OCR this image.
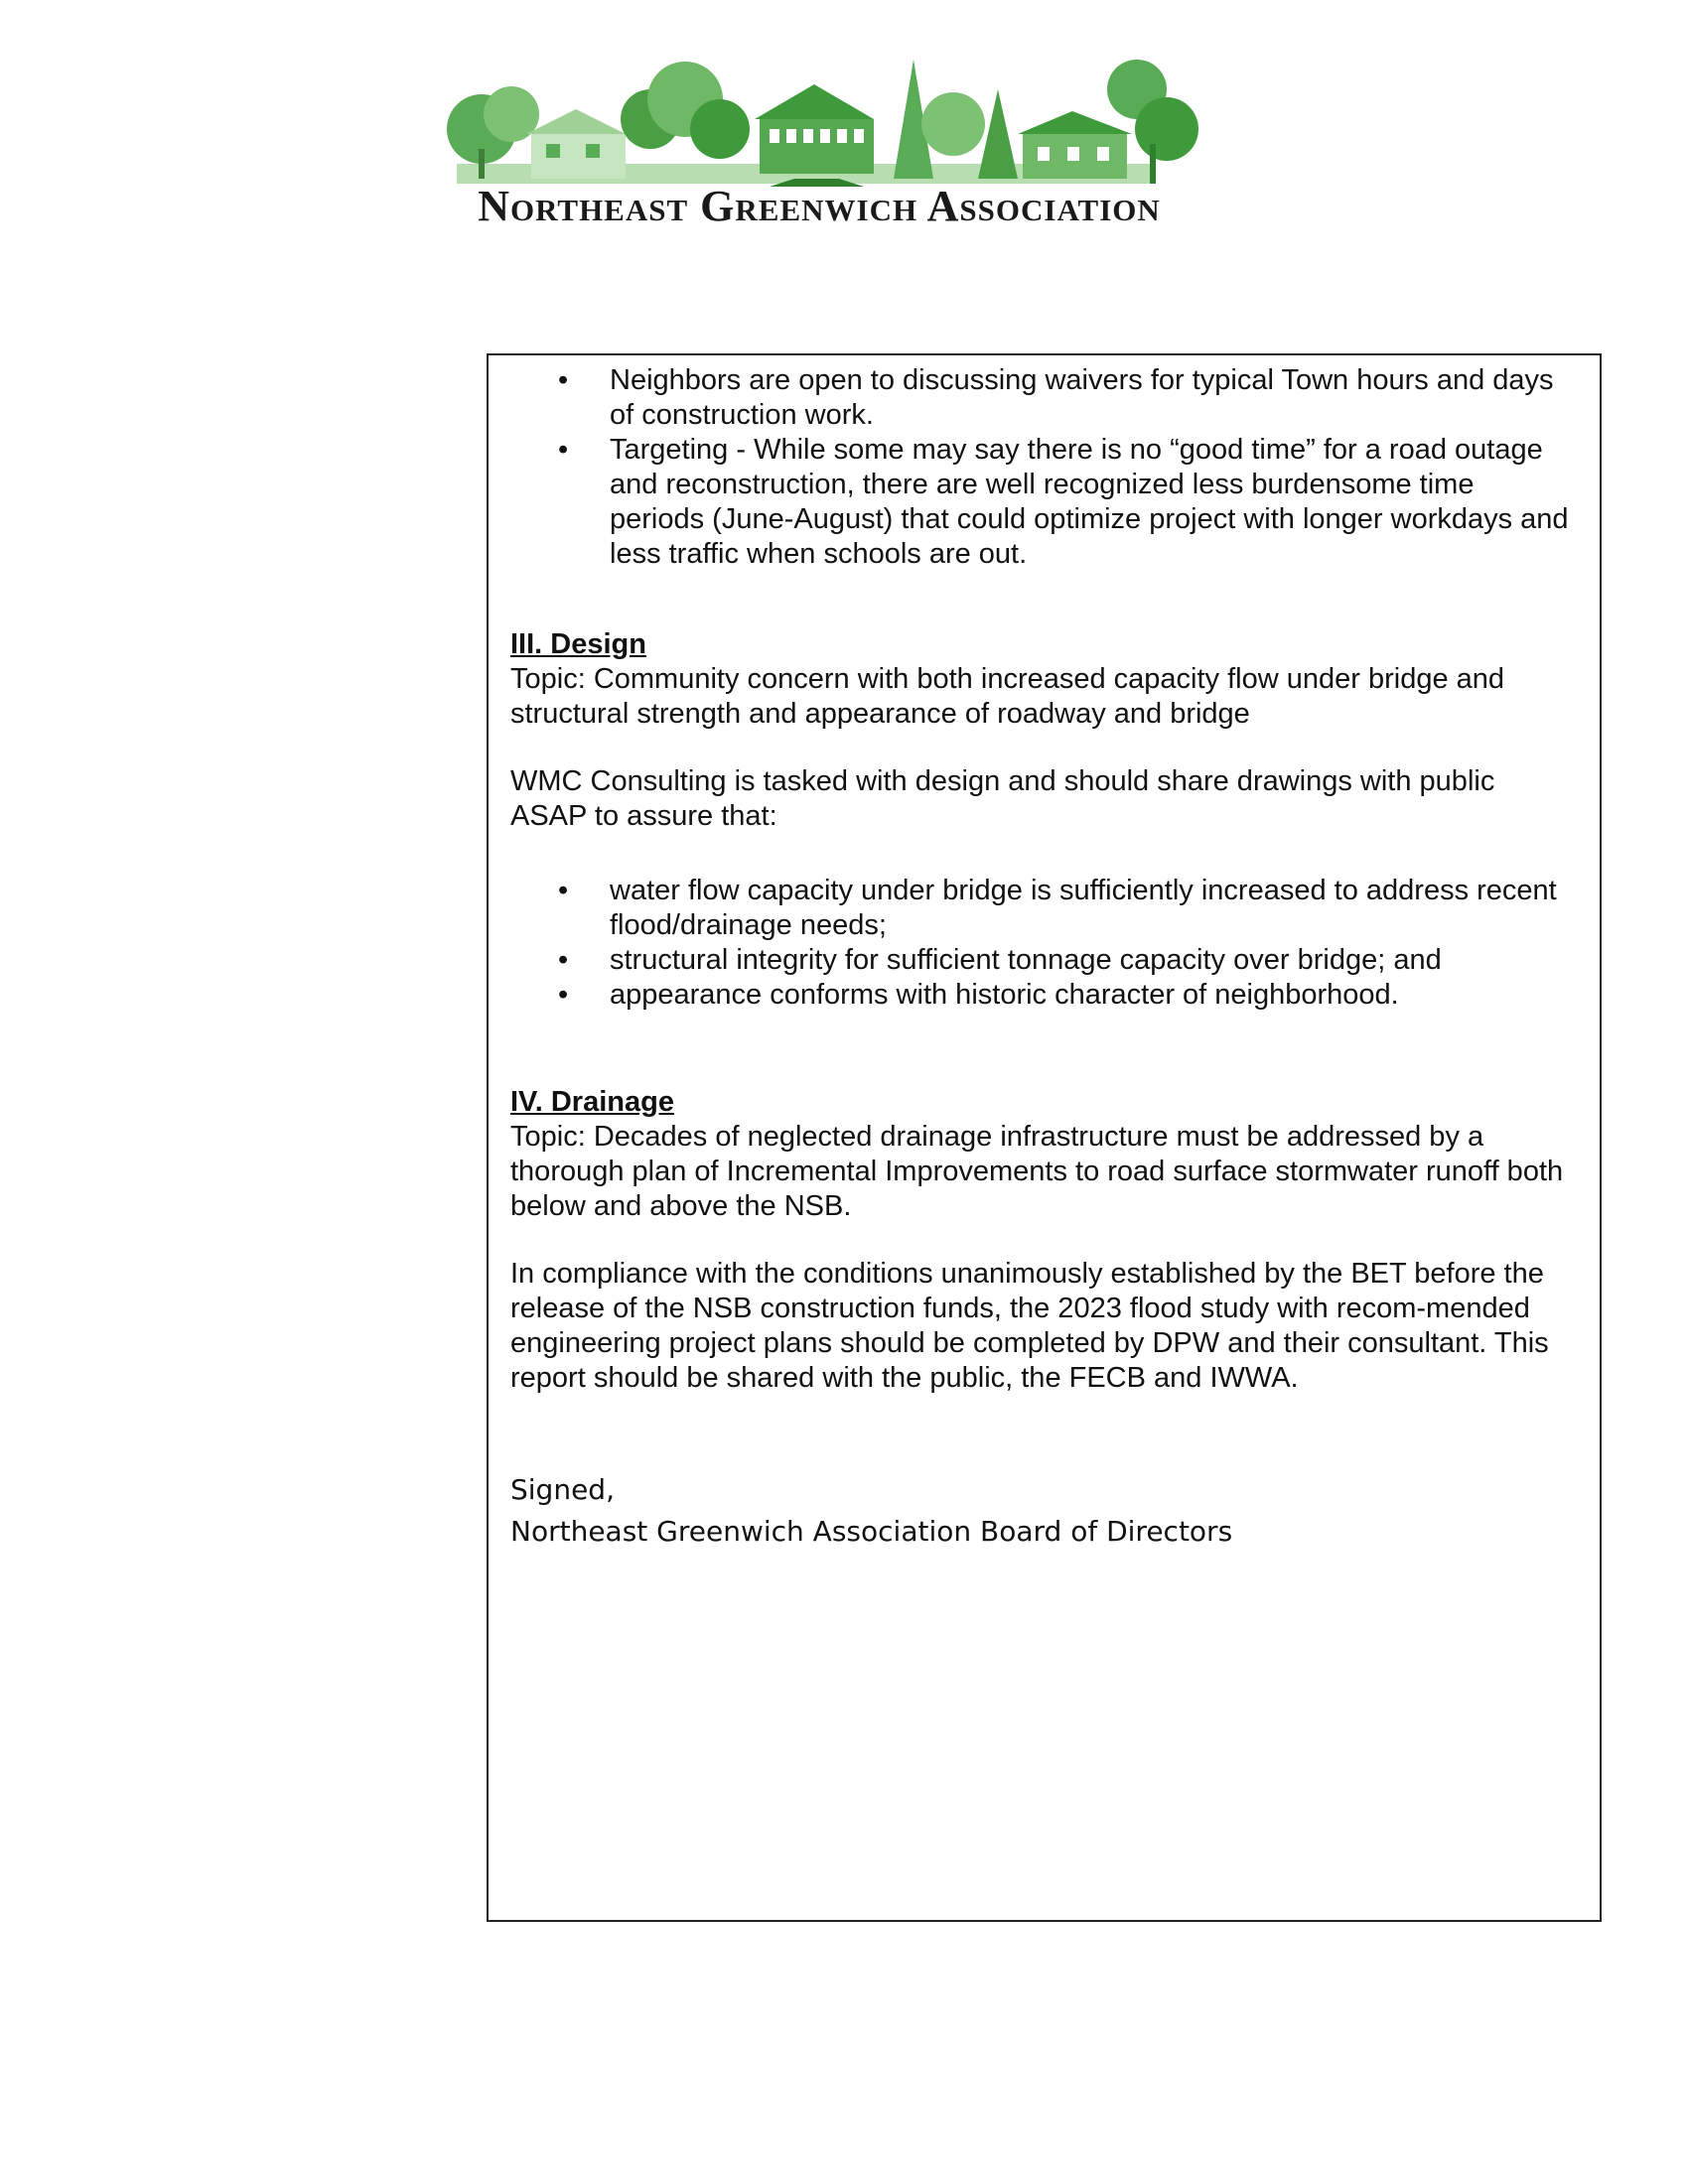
Northeast Greenwich Association
• Neighbors are open to discussing waivers for typical Town hours and days of construction work.
• Targeting - While some may say there is no “good time” for a road outage and reconstruction, there are well recognized less burdensome time periods (June-August) that could optimize project with longer workdays and less traffic when schools are out.

III. Design

Topic: Community concern with both increased capacity flow under bridge and structural strength and appearance of roadway and bridge

WMC Consulting is tasked with design and should share drawings with public ASAP to assure that:

• water flow capacity under bridge is sufficiently increased to address recent flood/drainage needs;
• structural integrity for sufficient tonnage capacity over bridge; and
• appearance conforms with historic character of neighborhood.

IV. Drainage

Topic: Decades of neglected drainage infrastructure must be addressed by a thorough plan of Incremental Improvements to road surface stormwater runoff both below and above the NSB.

In compliance with the conditions unanimously established by the BET before the release of the NSB construction funds, the 2023 flood study with recom-mended engineering project plans should be completed by DPW and their consultant. This report should be shared with the public, the FECB and IWWA.

Signed,
Northeast Greenwich Association Board of Directors
